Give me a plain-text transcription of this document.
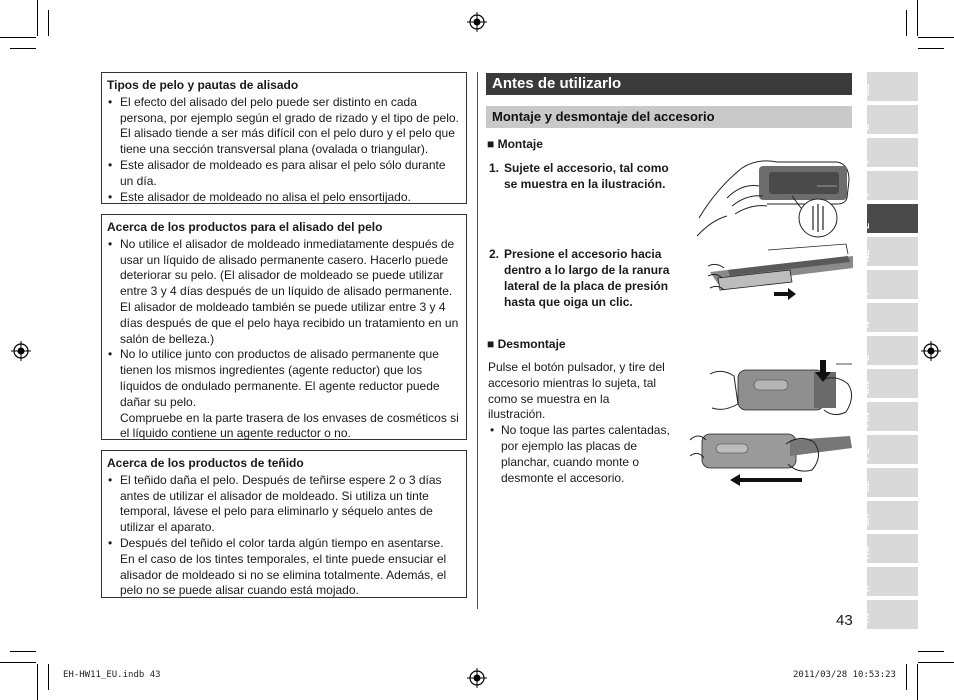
Tipos de pelo y pautas de alisado
• El efecto del alisado del pelo puede ser distinto en cada persona, por ejemplo según el grado de rizado y el tipo de pelo. El alisado tiende a ser más difícil con el pelo duro y el pelo que tiene una sección transversal plana (ovalada o triangular).
• Este alisador de moldeado es para alisar el pelo sólo durante un día.
• Este alisador de moldeado no alisa el pelo ensortijado.
Acerca de los productos para el alisado del pelo
• No utilice el alisador de moldeado inmediatamente después de usar un líquido de alisado permanente casero. Hacerlo puede deteriorar su pelo. (El alisador de moldeado se puede utilizar entre 3 y 4 días después de un líquido de alisado permanente. El alisador de moldeado también se puede utilizar entre 3 y 4 días después de que el pelo haya recibido un tratamiento en un salón de belleza.)
• No lo utilice junto con productos de alisado permanente que tienen los mismos ingredientes (agente reductor) que los líquidos de ondulado permanente. El agente reductor puede dañar su pelo.
Compruebe en la parte trasera de los envases de cosméticos si el líquido contiene un agente reductor o no.
Acerca de los productos de teñido
• El teñido daña el pelo. Después de teñirse espere 2 o 3 días antes de utilizar el alisador de moldeado. Si utiliza un tinte temporal, lávese el pelo para eliminarlo y séquelo antes de utilizar el aparato.
• Después del teñido el color tarda algún tiempo en asentarse. En el caso de los tintes temporales, el tinte puede ensuciar el alisador de moldeado si no se elimina totalmente. Además, el pelo no se puede alisar cuando está mojado.
Antes de utilizarlo
Montaje y desmontaje del accesorio
■ Montaje
1. Sujete el accesorio, tal como se muestra en la ilustración.
2. Presione el accesorio hacia dentro a lo largo de la ranura lateral de la placa de presión hasta que oiga un clic.
■ Desmontaje
Pulse el botón pulsador, y tire del accesorio mientras lo sujeta, tal como se muestra en la ilustración.
• No toque las partes calentadas, por ejemplo las placas de planchar, cuando monte o desmonte el accesorio.
GB
D
F
I
E
NL
P
N
S
DK
FIN
PL
CZ
SK
RO
H
TR
43
EH-HW11_EU.indb 43	2011/03/28 10:53:23
